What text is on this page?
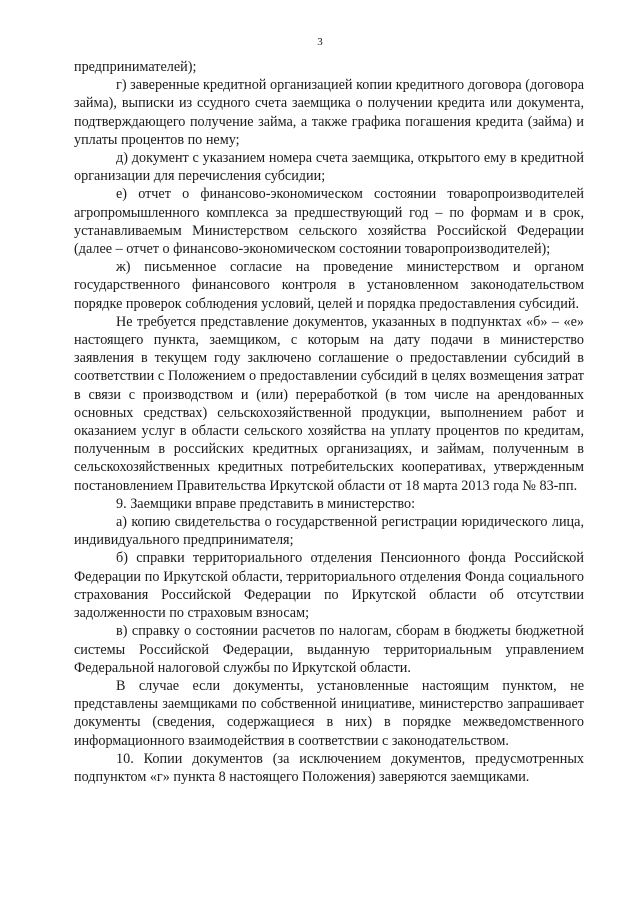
3

предпринимателей);

г) заверенные кредитной организацией копии кредитного договора (договора займа), выписки из ссудного счета заемщика о получении кредита или документа, подтверждающего получение займа, а также графика погашения кредита (займа) и уплаты процентов по нему;

д) документ с указанием номера счета заемщика, открытого ему в кредитной организации для перечисления субсидии;

е) отчет о финансово-экономическом состоянии товаропроизводителей агропромышленного комплекса за предшествующий год – по формам и в срок, устанавливаемым Министерством сельского хозяйства Российской Федерации (далее – отчет о финансово-экономическом состоянии товаропроизводителей);

ж) письменное согласие на проведение министерством и органом государственного финансового контроля в установленном законодательством порядке проверок соблюдения условий, целей и порядка предоставления субсидий.

Не требуется представление документов, указанных в подпунктах «б» – «е» настоящего пункта, заемщиком, с которым на дату подачи в министерство заявления в текущем году заключено соглашение о предоставлении субсидий в соответствии с Положением о предоставлении субсидий в целях возмещения затрат в связи с производством и (или) переработкой (в том числе на арендованных основных средствах) сельскохозяйственной продукции, выполнением работ и оказанием услуг в области сельского хозяйства на уплату процентов по кредитам, полученным в российских кредитных организациях, и займам, полученным в сельскохозяйственных кредитных потребительских кооперативах, утвержденным постановлением Правительства Иркутской области от 18 марта 2013 года № 83-пп.

9. Заемщики вправе представить в министерство:

а) копию свидетельства о государственной регистрации юридического лица, индивидуального предпринимателя;

б) справки территориального отделения Пенсионного фонда Российской Федерации по Иркутской области, территориального отделения Фонда социального страхования Российской Федерации по Иркутской области об отсутствии задолженности по страховым взносам;

в) справку о состоянии расчетов по налогам, сборам в бюджеты бюджетной системы Российской Федерации, выданную территориальным управлением Федеральной налоговой службы по Иркутской области.

В случае если документы, установленные настоящим пунктом, не представлены заемщиками по собственной инициативе, министерство запрашивает документы (сведения, содержащиеся в них) в порядке межведомственного информационного взаимодействия в соответствии с законодательством.

10. Копии документов (за исключением документов, предусмотренных подпунктом «г» пункта 8 настоящего Положения) заверяются заемщиками.
